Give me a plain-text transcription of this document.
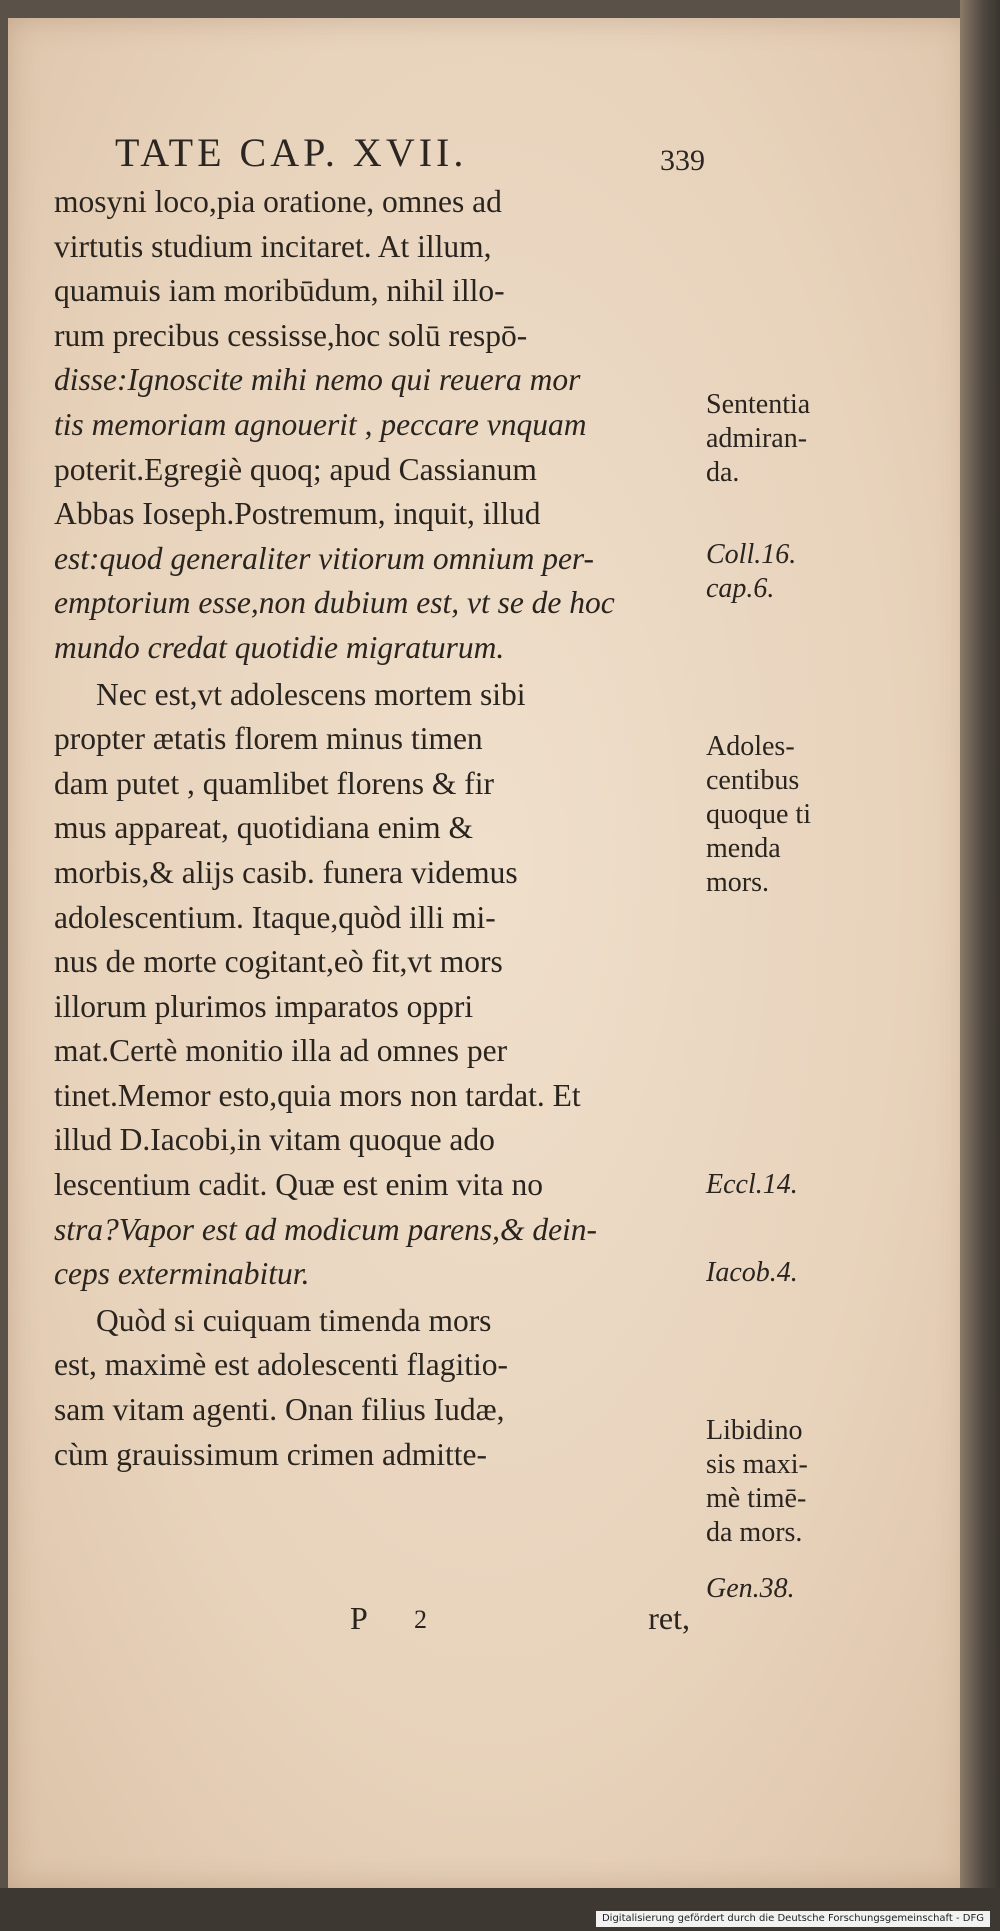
TATE CAP. XVII.	339
mosyni loco,pia oratione, omnes ad
virtutis studium incitaret. At illum,
quamuis iam moribūdum, nihil illo-
rum precibus cessisse,hoc solū respō-
disse:Ignoscite mihi nemo qui reuera mor
tis memoriam agnouerit , peccare vnquam
poterit.Egregiè quoq; apud Cassianum
Abbas Ioseph.Postremum, inquit, illud
est:quod generaliter vitiorum omnium per-
emptorium esse,non dubium est, vt se de hoc
mundo credat quotidie migraturum.
Nec est,vt adolescens mortem sibi
propter ætatis florem minus timen
dam putet , quamlibet florens & fir
mus appareat, quotidiana enim &
morbis,& alijs casib. funera videmus
adolescentium. Itaque,quòd illi mi-
nus de morte cogitant,eò fit,vt mors
illorum plurimos imparatos oppri
mat.Certè monitio illa ad omnes per
tinet.Memor esto,quia mors non tardat. Et
illud D.Iacobi,in vitam quoque ado
lescentium cadit. Quæ est enim vita no
stra?Vapor est ad modicum parens,& dein-
ceps exterminabitur.
Quòd si cuiquam timenda mors
est, maximè est adolescenti flagitio-
sam vitam agenti. Onan filius Iudæ,
cùm grauissimum crimen admitte-
Sententia
admiran-
da.
Coll.16.
cap.6.
Adoles-
centibus
quoque ti
menda
mors.
Eccl.14.
Iacob.4.
Libidino
sis maxi-
mè timē-
da mors.
Gen.38.
P 2	ret,
Digitalisierung gefördert durch die Deutsche Forschungsgemeinschaft - DFG
